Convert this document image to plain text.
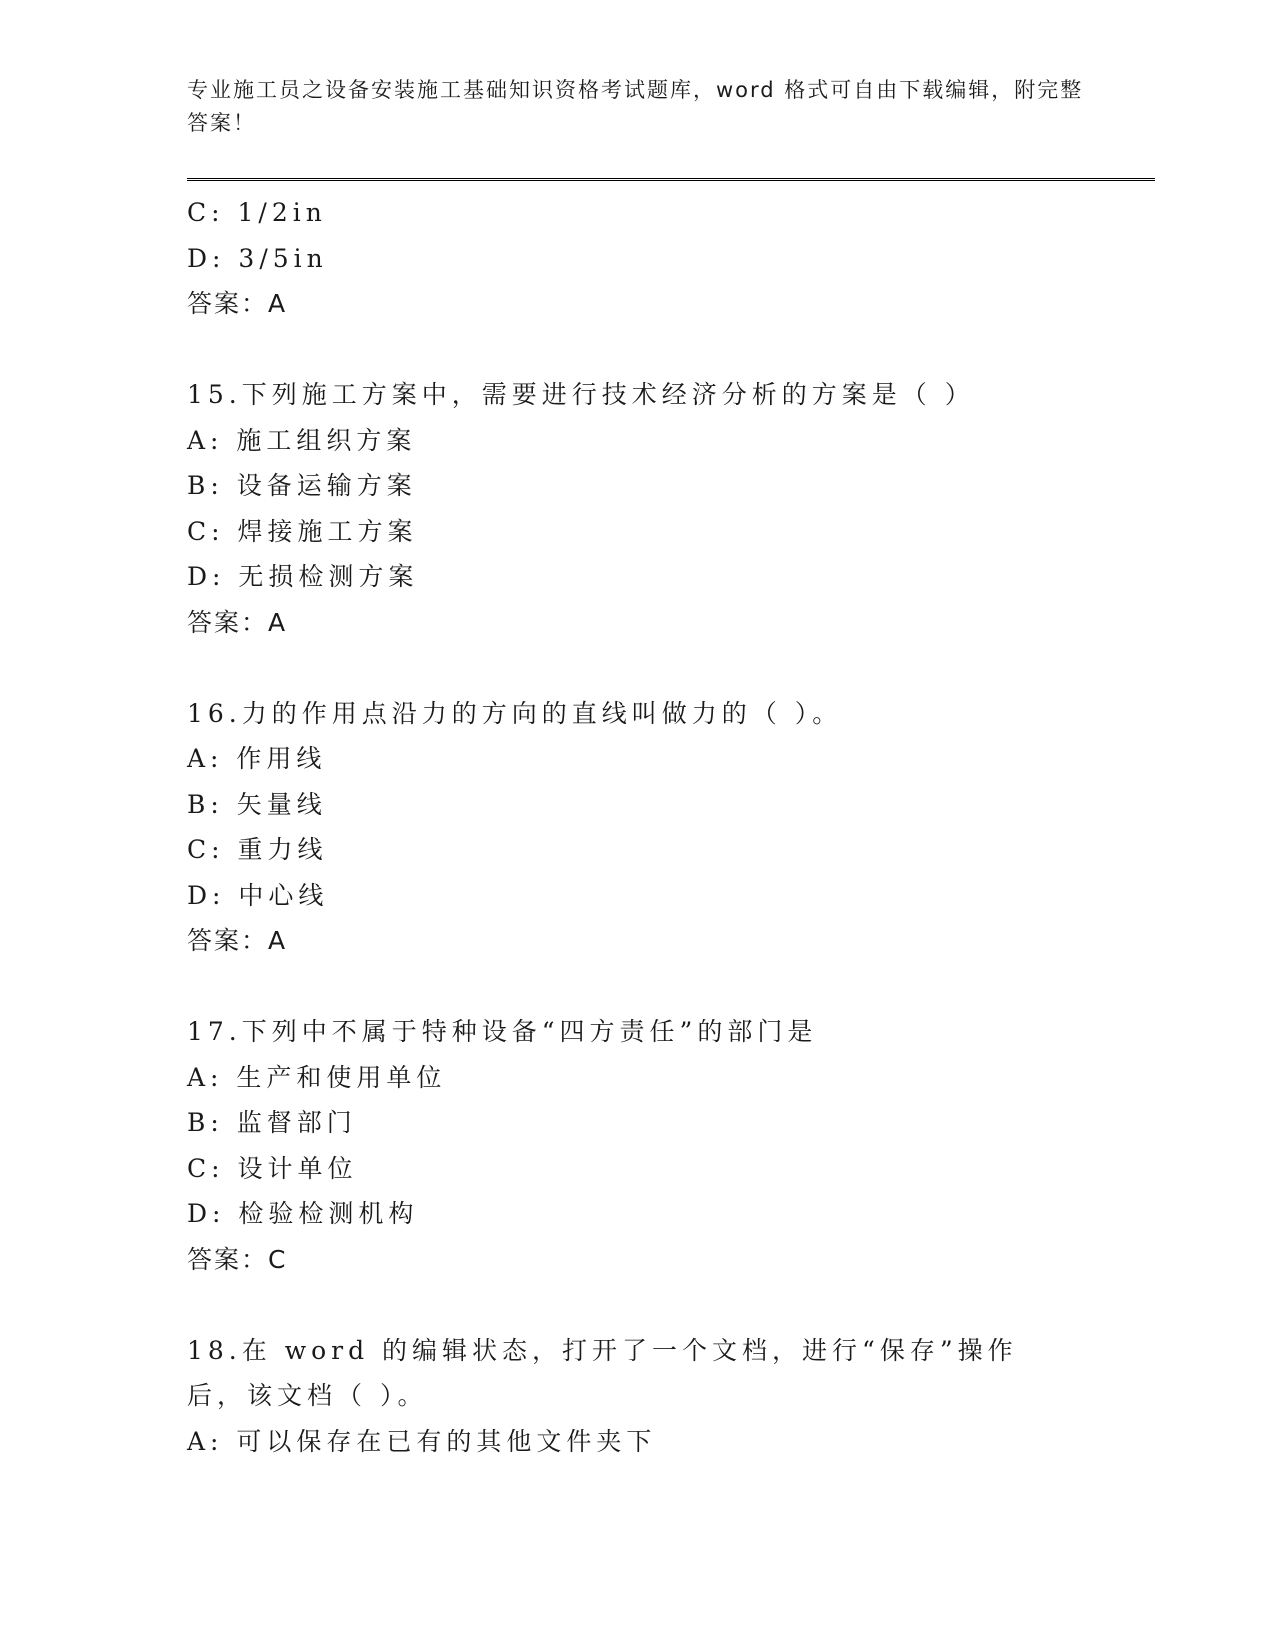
专业施工员之设备安装施工基础知识资格考试题库，word 格式可自由下载编辑，附完整答案！
C: 1/2in
D: 3/5in
答案：A
15.下列施工方案中，需要进行技术经济分析的方案是（ ）
A: 施工组织方案
B: 设备运输方案
C: 焊接施工方案
D: 无损检测方案
答案：A
16.力的作用点沿力的方向的直线叫做力的（ ）。
A: 作用线
B: 矢量线
C: 重力线
D: 中心线
答案：A
17.下列中不属于特种设备“四方责任”的部门是
A: 生产和使用单位
B: 监督部门
C: 设计单位
D: 检验检测机构
答案：C
18.在 word 的编辑状态，打开了一个文档，进行“保存”操作后，该文档（ ）。
A: 可以保存在已有的其他文件夹下
